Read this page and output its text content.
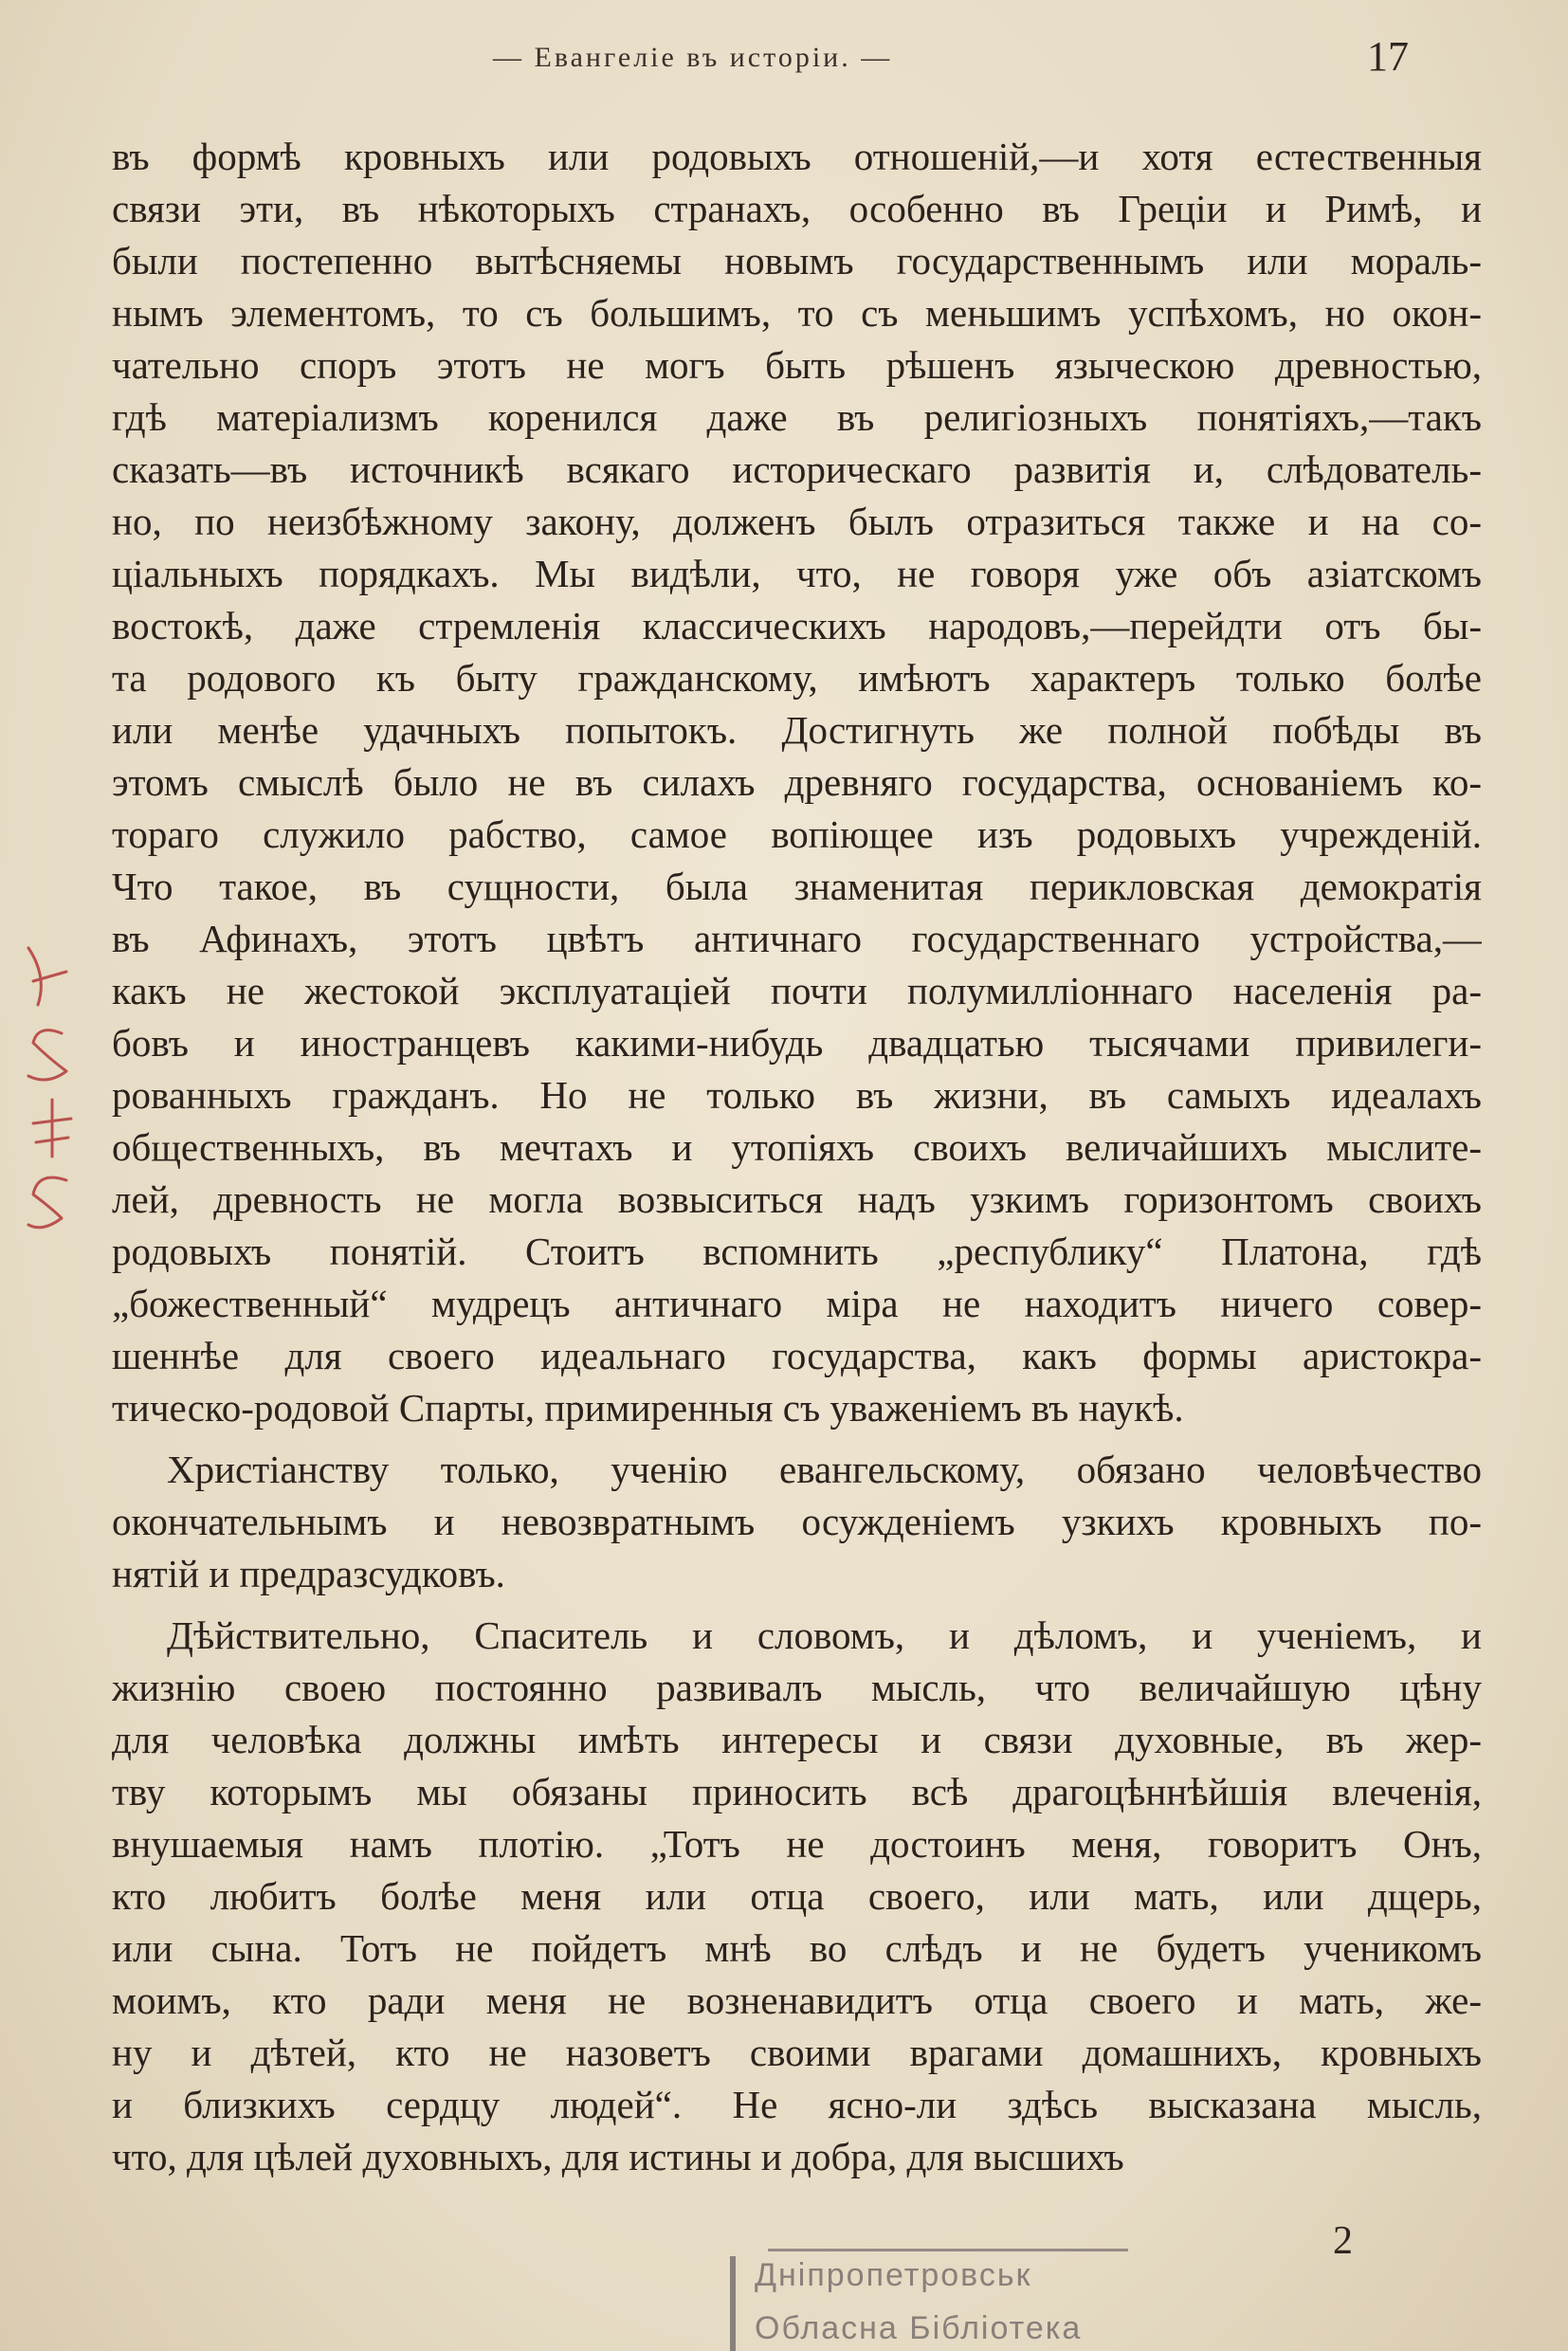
— Евангеліе въ исторіи. —	17
въ формѣ кровныхъ или родовыхъ отношеній,—и хотя естественныя
связи эти, въ нѣкоторыхъ странахъ, особенно въ Греціи и Римѣ, и
были постепенно вытѣсняемы новымъ государственнымъ или мораль-
нымъ элементомъ, то съ большимъ, то съ меньшимъ успѣхомъ, но окон-
чательно споръ этотъ не могъ быть рѣшенъ языческою древностью,
гдѣ матеріализмъ коренился даже въ религіозныхъ понятіяхъ,—такъ
сказать—въ источникѣ всякаго историческаго развитія и, слѣдователь-
но, по неизбѣжному закону, долженъ былъ отразиться также и на со-
ціальныхъ порядкахъ. Мы видѣли, что, не говоря уже объ азіатскомъ
востокѣ, даже стремленія классическихъ народовъ,—перейдти отъ бы-
та родового къ быту гражданскому, имѣютъ характеръ только болѣе
или менѣе удачныхъ попытокъ. Достигнуть же полной побѣды въ
этомъ смыслѣ было не въ силахъ древняго государства, основаніемъ ко-
тораго служило рабство, самое вопіющее изъ родовыхъ учрежденій.
Что такое, въ сущности, была знаменитая перикловская демократія
въ Афинахъ, этотъ цвѣтъ античнаго государственнаго устройства,—
какъ не жестокой эксплуатаціей почти полумилліоннаго населенія ра-
бовъ и иностранцевъ какими-нибудь двадцатью тысячами привилеги-
рованныхъ гражданъ. Но не только въ жизни, въ самыхъ идеалахъ
общественныхъ, въ мечтахъ и утопіяхъ своихъ величайшихъ мыслите-
лей, древность не могла возвыситься надъ узкимъ горизонтомъ своихъ
родовыхъ понятій. Стоитъ вспомнить „республику“ Платона, гдѣ
„божественный“ мудрецъ античнаго міра не находитъ ничего совер-
шеннѣе для своего идеальнаго государства, какъ формы аристокра-
тическо-родовой Спарты, примиренныя съ уваженіемъ въ наукѣ.
Христіанству только, ученію евангельскому, обязано человѣчество
окончательнымъ и невозвратнымъ осужденіемъ узкихъ кровныхъ по-
нятій и предразсудковъ.
Дѣйствительно, Спаситель и словомъ, и дѣломъ, и ученіемъ, и
жизнію своею постоянно развивалъ мысль, что величайшую цѣну
для человѣка должны имѣть интересы и связи духовные, въ жер-
тву которымъ мы обязаны приносить всѣ драгоцѣннѣйшія влеченія,
внушаемыя намъ плотію. „Тотъ не достоинъ меня, говоритъ Онъ,
кто любитъ болѣе меня или отца своего, или мать, или дщерь,
или сына. Тотъ не пойдетъ мнѣ во слѣдъ и не будетъ ученикомъ
моимъ, кто ради меня не возненавидитъ отца своего и мать, же-
ну и дѣтей, кто не назоветъ своими врагами домашнихъ, кровныхъ
и близкихъ сердцу людей“. Не ясно-ли здѣсь высказана мысль,
что, для цѣлей духовныхъ, для истины и добра, для высшихъ
2
Днiпропетровськ
Обласна Бiблiотека
